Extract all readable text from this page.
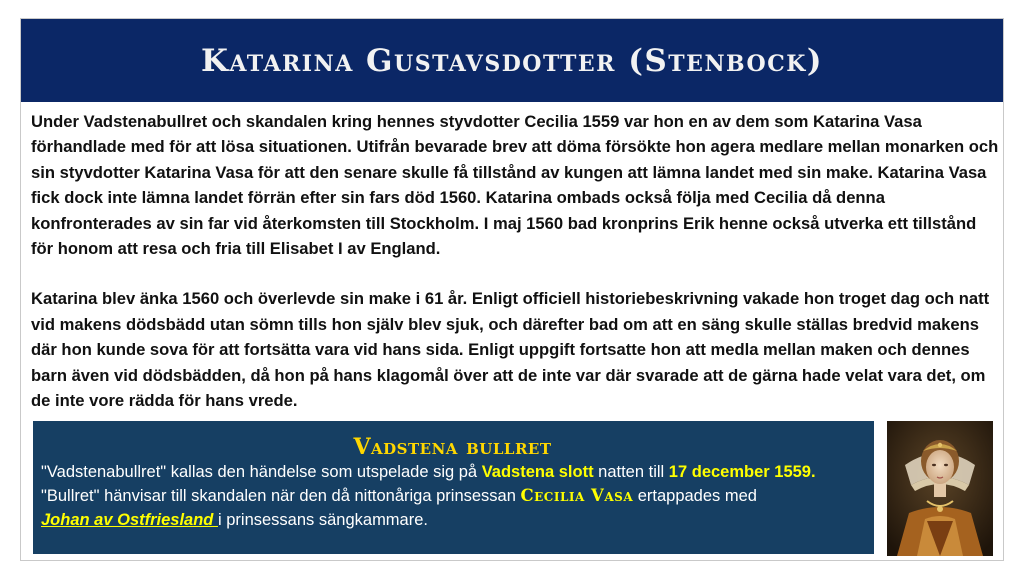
Katarina Gustavsdotter (Stenbock)

Under Vadstenabullret och skandalen kring hennes styvdotter Cecilia 1559 var hon en av dem som Katarina Vasa förhandlade med för att lösa situationen. Utifrån bevarade brev att döma försökte hon agera medlare mellan monarken och sin styvdotter Katarina Vasa för att den senare skulle få tillstånd av kungen att lämna landet med sin make. Katarina Vasa fick dock inte lämna landet förrän efter sin fars död 1560. Katarina ombads också följa med Cecilia då denna konfronterades av sin far vid återkomsten till Stockholm. I maj 1560 bad kronprins Erik henne också utverka ett tillstånd för honom att resa och fria till Elisabet I av England.

Katarina blev änka 1560 och överlevde sin make i 61 år. Enligt officiell historiebeskrivning vakade hon troget dag och natt vid makens dödsbädd utan sömn tills hon själv blev sjuk, och därefter bad om att en säng skulle ställas bredvid makens där hon kunde sova för att fortsätta vara vid hans sida. Enligt uppgift fortsatte hon att medla mellan maken och dennes barn även vid dödsbädden, då hon på hans klagomål över att de inte var där svarade att de gärna hade velat vara det, om de inte vore rädda för hans vrede.

Vadstena bullret
"Vadstenabullret" kallas den händelse som utspelade sig på Vadstena slott natten till 17 december 1559.
"Bullret" hänvisar till skandalen när den då nittonåriga prinsessan Cecilia Vasa ertappades med
Johan av Ostfriesland i prinsessans sängkammare.
